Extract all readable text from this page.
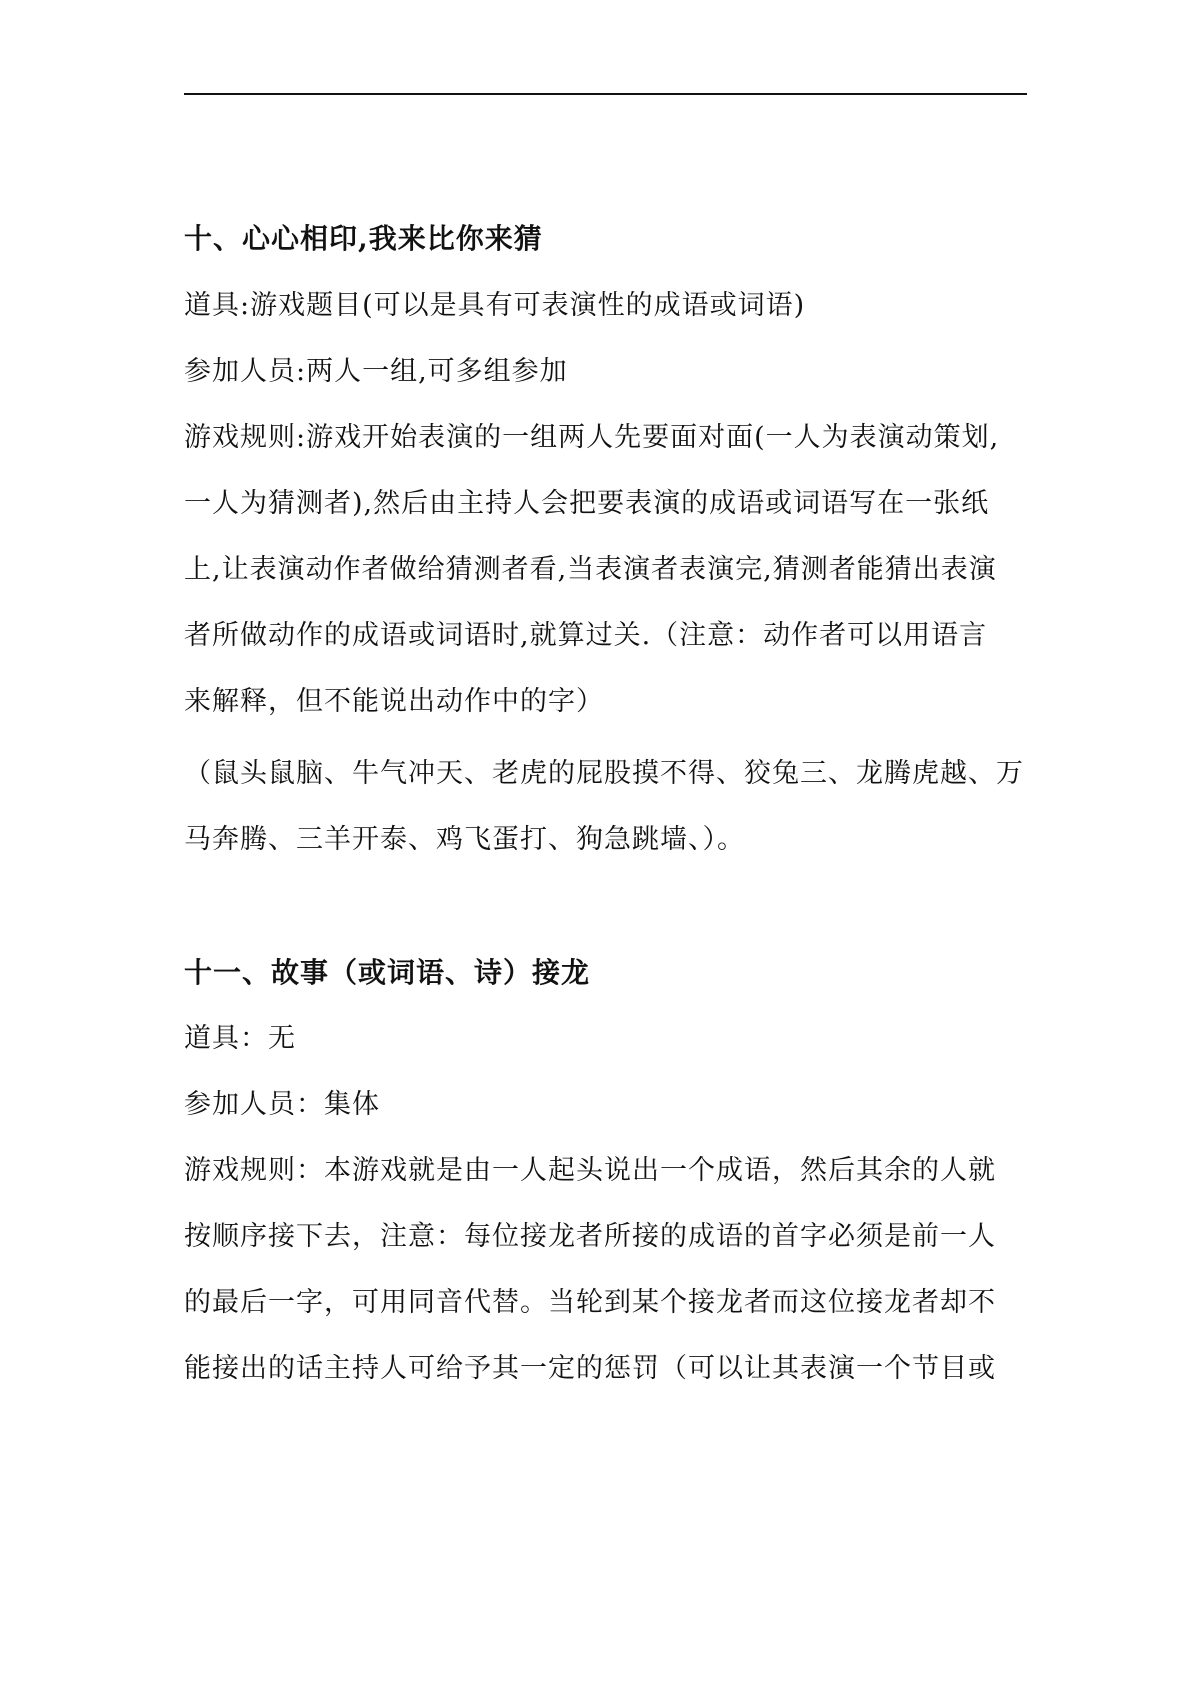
十、心心相印,我来比你来猜
道具:游戏题目(可以是具有可表演性的成语或词语)
参加人员:两人一组,可多组参加
游戏规则:游戏开始表演的一组两人先要面对面(一人为表演动策划,
一人为猜测者),然后由主持人会把要表演的成语或词语写在一张纸
上,让表演动作者做给猜测者看,当表演者表演完,猜测者能猜出表演
者所做动作的成语或词语时,就算过关.（注意：动作者可以用语言
来解释，但不能说出动作中的字）
（鼠头鼠脑、牛气冲天、老虎的屁股摸不得、狡兔三、龙腾虎越、万
马奔腾、三羊开泰、鸡飞蛋打、狗急跳墙、）。
十一、故事（或词语、诗）接龙
道具：无
参加人员：集体
游戏规则：本游戏就是由一人起头说出一个成语，然后其余的人就
按顺序接下去，注意：每位接龙者所接的成语的首字必须是前一人
的最后一字，可用同音代替。当轮到某个接龙者而这位接龙者却不
能接出的话主持人可给予其一定的惩罚（可以让其表演一个节目或
